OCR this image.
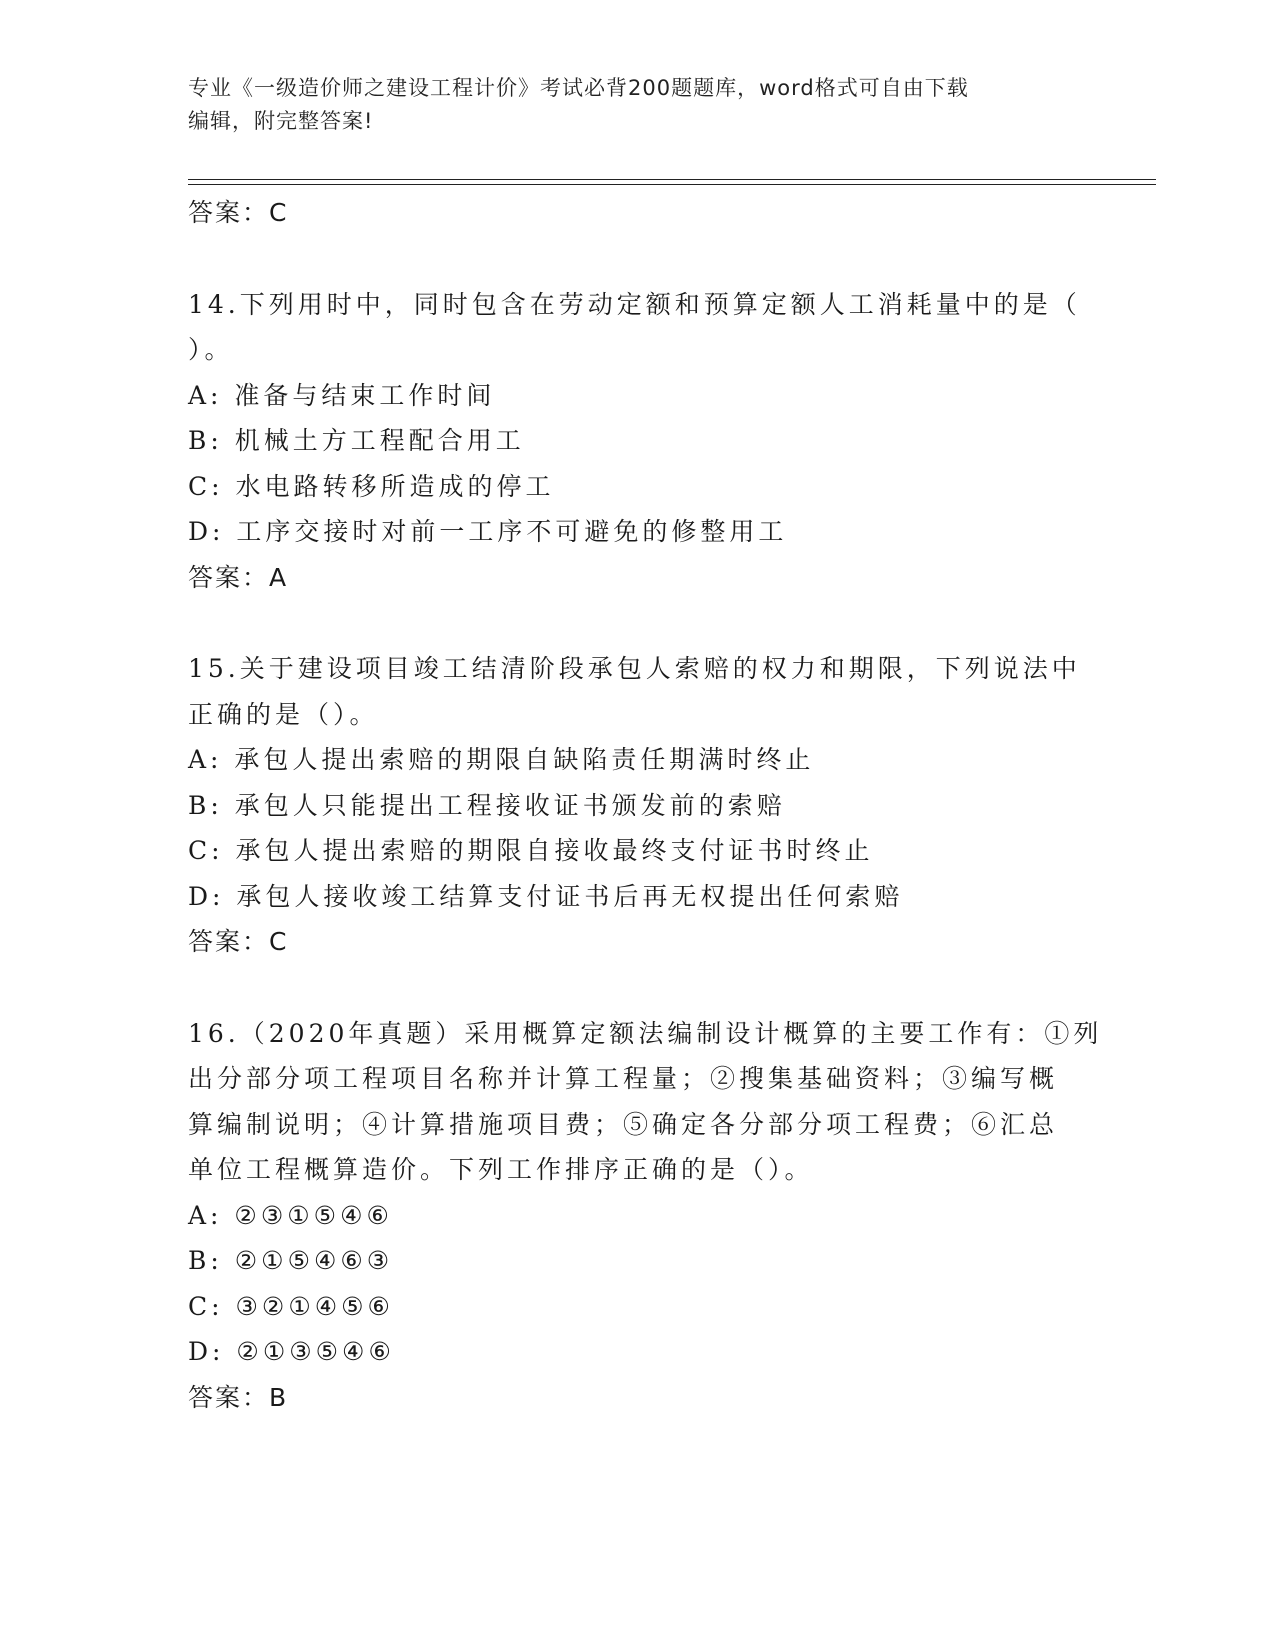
专业《一级造价师之建设工程计价》考试必背200题题库，word格式可自由下载
编辑，附完整答案!
答案：C
14.下列用时中，同时包含在劳动定额和预算定额人工消耗量中的是（
）。
A: 准备与结束工作时间
B: 机械土方工程配合用工
C: 水电路转移所造成的停工
D: 工序交接时对前一工序不可避免的修整用工
答案：A
15.关于建设项目竣工结清阶段承包人索赔的权力和期限，下列说法中
正确的是（）。
A: 承包人提出索赔的期限自缺陷责任期满时终止
B: 承包人只能提出工程接收证书颁发前的索赔
C: 承包人提出索赔的期限自接收最终支付证书时终止
D: 承包人接收竣工结算支付证书后再无权提出任何索赔
答案：C
16.（2020年真题）采用概算定额法编制设计概算的主要工作有：①列
出分部分项工程项目名称并计算工程量；②搜集基础资料；③编写概
算编制说明；④计算措施项目费；⑤确定各分部分项工程费；⑥汇总
单位工程概算造价。下列工作排序正确的是（）。
A: ②③①⑤④⑥
B: ②①⑤④⑥③
C: ③②①④⑤⑥
D: ②①③⑤④⑥
答案：B
